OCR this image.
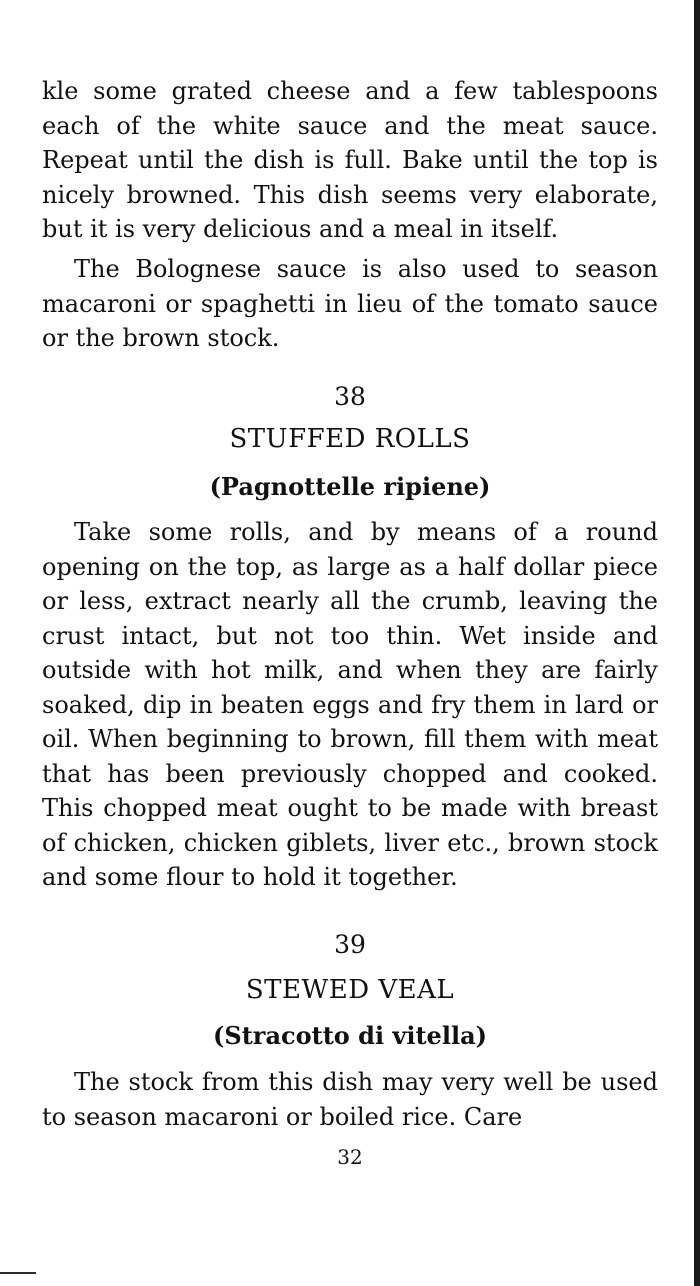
kle some grated cheese and a few tablespoons each of the white sauce and the meat sauce. Repeat until the dish is full. Bake until the top is nicely browned. This dish seems very elaborate, but it is very delicious and a meal in itself.

The Bolognese sauce is also used to season macaroni or spaghetti in lieu of the tomato sauce or the brown stock.

38

STUFFED ROLLS

(Pagnottelle ripiene)

Take some rolls, and by means of a round opening on the top, as large as a half dollar piece or less, extract nearly all the crumb, leaving the crust intact, but not too thin. Wet inside and outside with hot milk, and when they are fairly soaked, dip in beaten eggs and fry them in lard or oil. When beginning to brown, fill them with meat that has been previously chopped and cooked. This chopped meat ought to be made with breast of chicken, chicken giblets, liver etc., brown stock and some flour to hold it together.

39

STEWED VEAL

(Stracotto di vitella)

The stock from this dish may very well be used to season macaroni or boiled rice. Care

32
